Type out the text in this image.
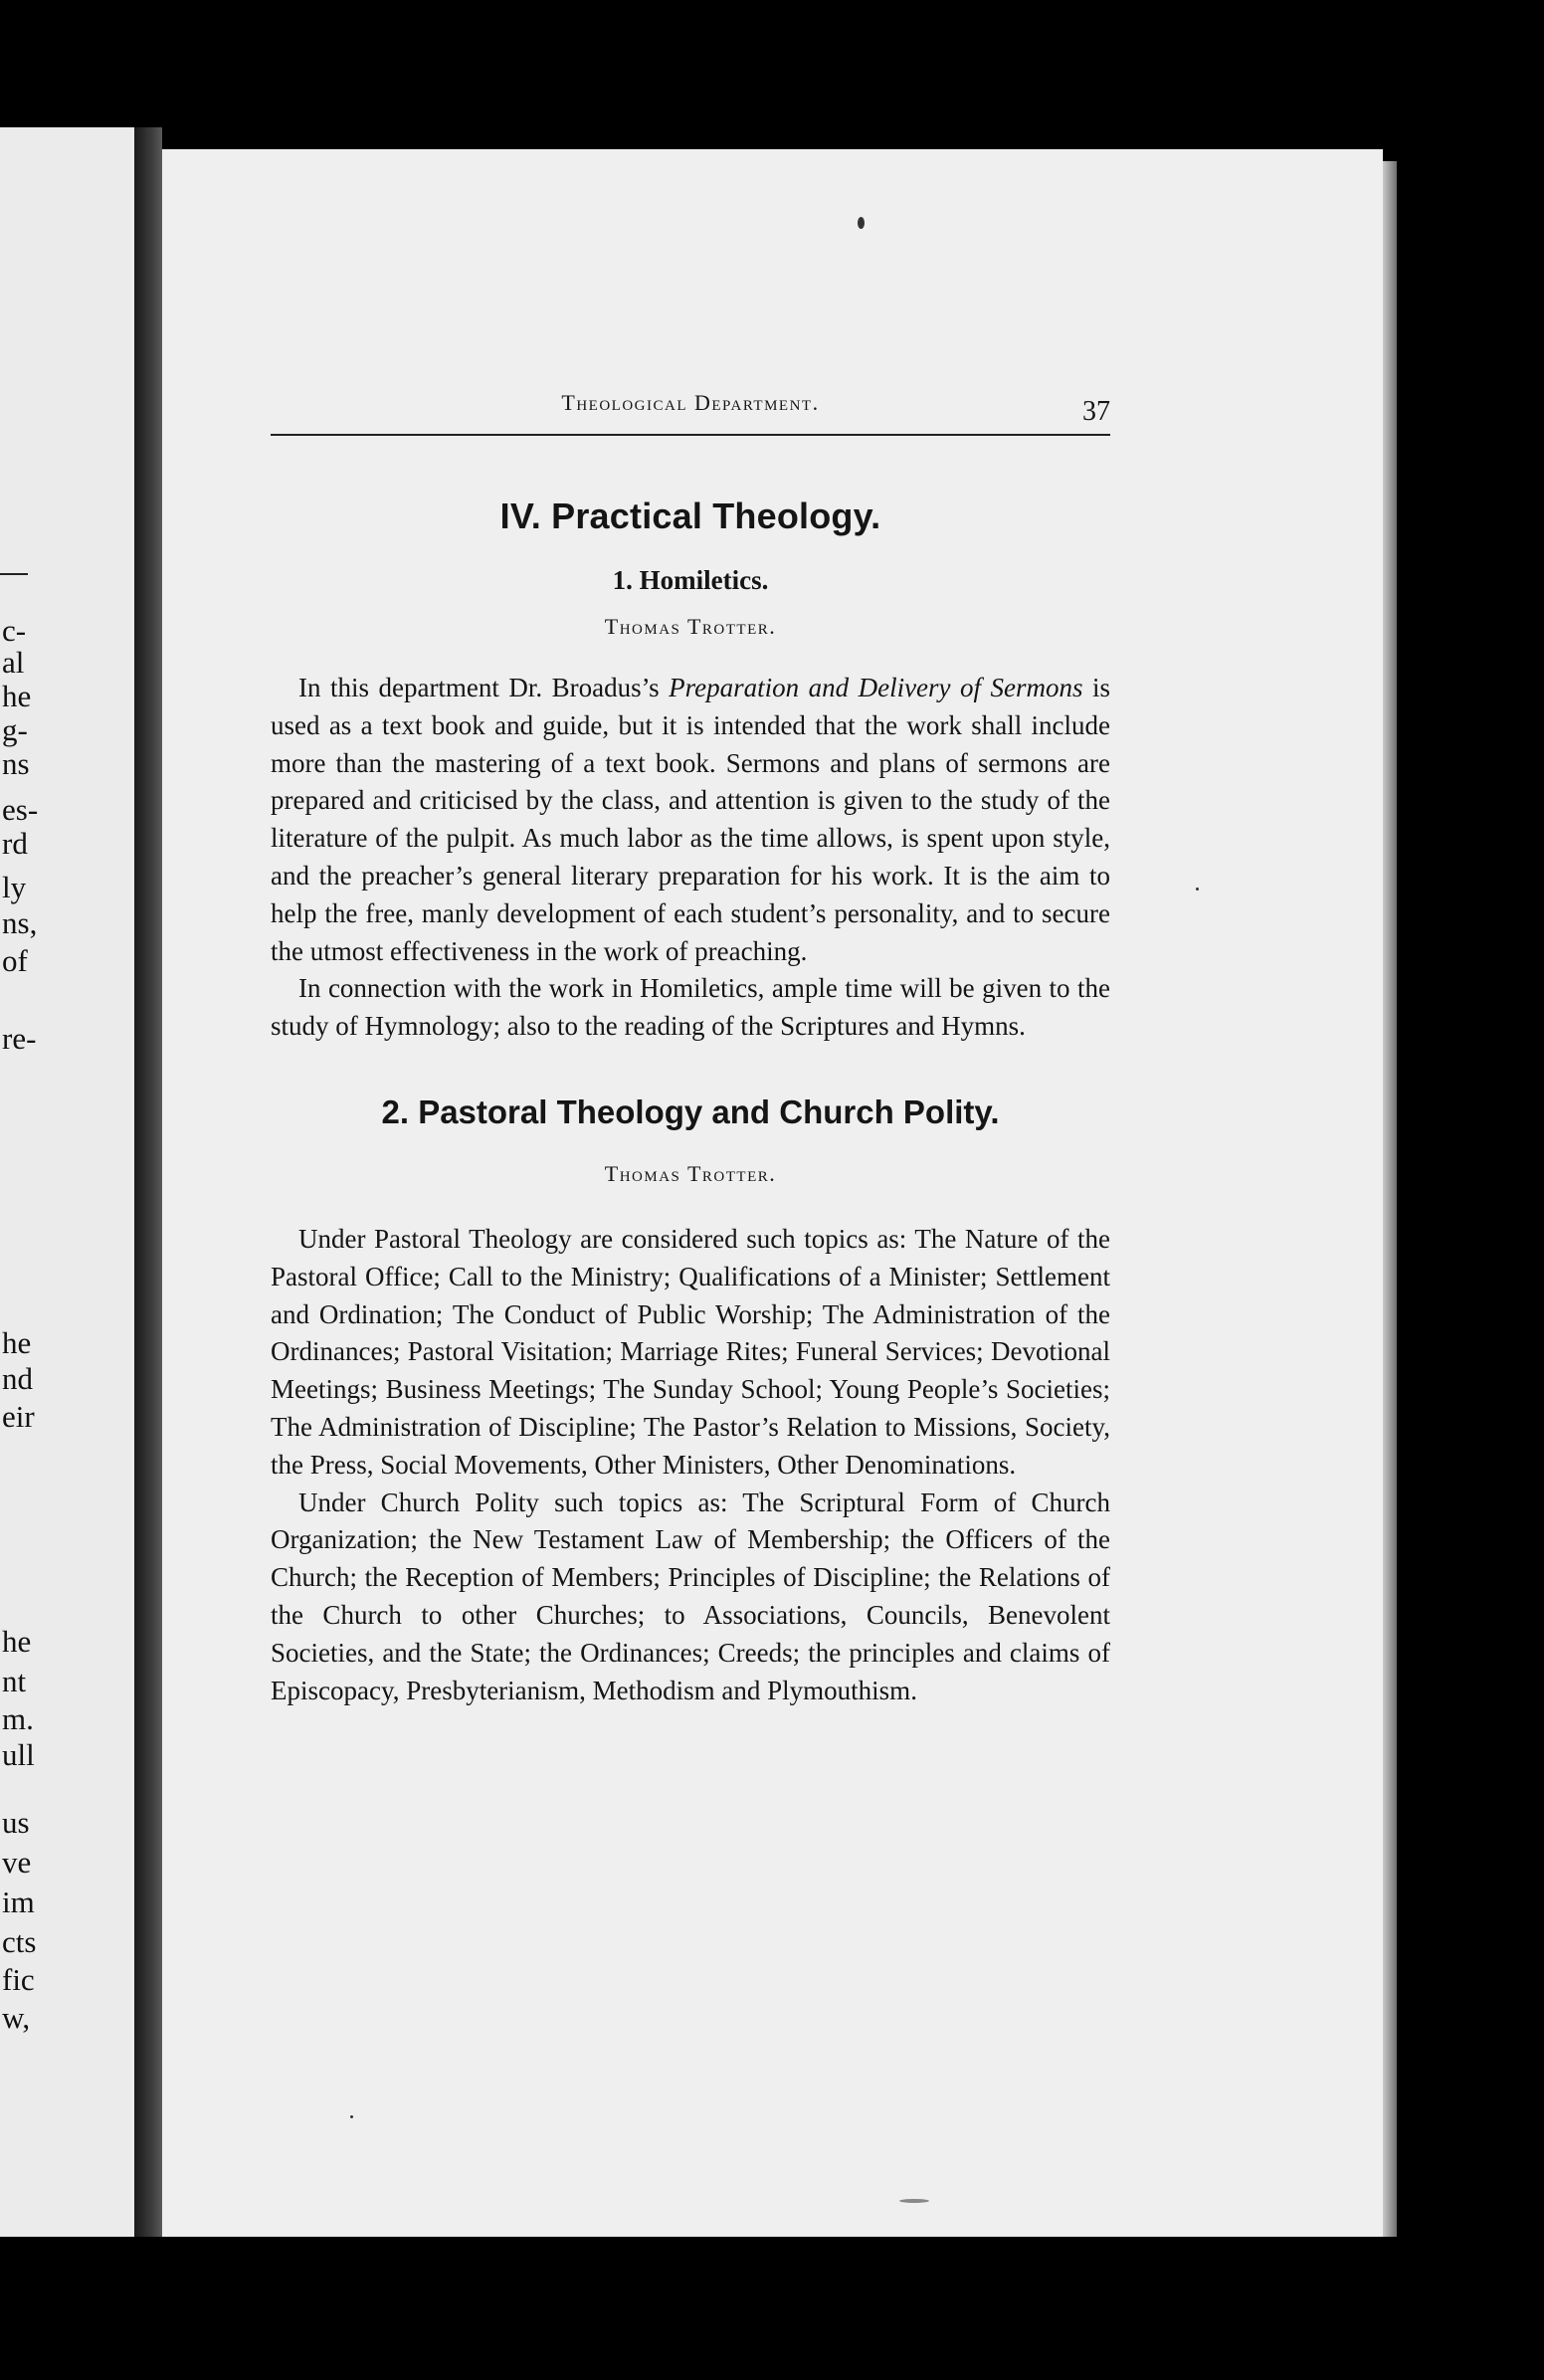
c-
al
he
g-
ns
es-
rd
ly
ns,
of
re-
he
nd
eir
he
nt
m.
ull
us
ve
im
cts
fic
w,
Theological Department.	37
IV. Practical Theology.
1. Homiletics.
Thomas Trotter.

In this department Dr. Broadus’s Preparation and Delivery of Sermons is used as a text book and guide, but it is intended that the work shall include more than the mastering of a text book. Sermons and plans of sermons are prepared and criticised by the class, and attention is given to the study of the literature of the pulpit. As much labor as the time allows, is spent upon style, and the preacher’s general literary preparation for his work. It is the aim to help the free, manly development of each student’s personality, and to secure the utmost effectiveness in the work of preaching.

In connection with the work in Homiletics, ample time will be given to the study of Hymnology; also to the reading of the Scriptures and Hymns.

2. Pastoral Theology and Church Polity.
Thomas Trotter.

Under Pastoral Theology are considered such topics as: The Nature of the Pastoral Office; Call to the Ministry; Qualifications of a Minister; Settlement and Ordination; The Conduct of Public Worship; The Administration of the Ordinances; Pastoral Visitation; Marriage Rites; Funeral Services; Devotional Meetings; Business Meetings; The Sunday School; Young People’s Societies; The Administration of Discipline; The Pastor’s Relation to Missions, Society, the Press, Social Movements, Other Ministers, Other Denominations.

Under Church Polity such topics as: The Scriptural Form of Church Organization; the New Testament Law of Membership; the Officers of the Church; the Reception of Members; Principles of Discipline; the Relations of the Church to other Churches; to Associations, Councils, Benevolent Societies, and the State; the Ordinances; Creeds; the principles and claims of Episcopacy, Presbyterianism, Methodism and Plymouthism.
